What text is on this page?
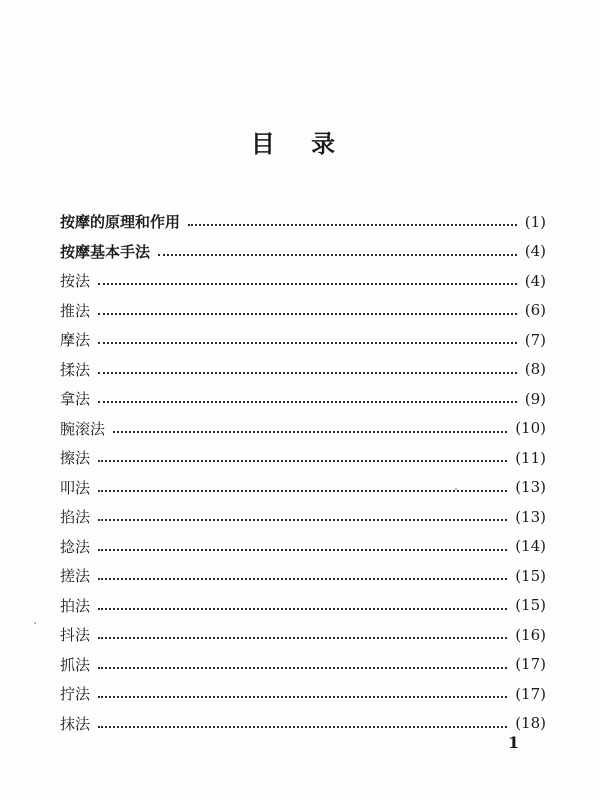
目 录
按摩的原理和作用	(1)
按摩基本手法	(4)
按法	(4)
推法	(6)
摩法	(7)
揉法	(8)
拿法	(9)
腕滚法	(10)
擦法	(11)
叩法	(13)
掐法	(13)
捻法	(14)
搓法	(15)
拍法	(15)
抖法	(16)
抓法	(17)
拧法	(17)
抹法	(18)
1
